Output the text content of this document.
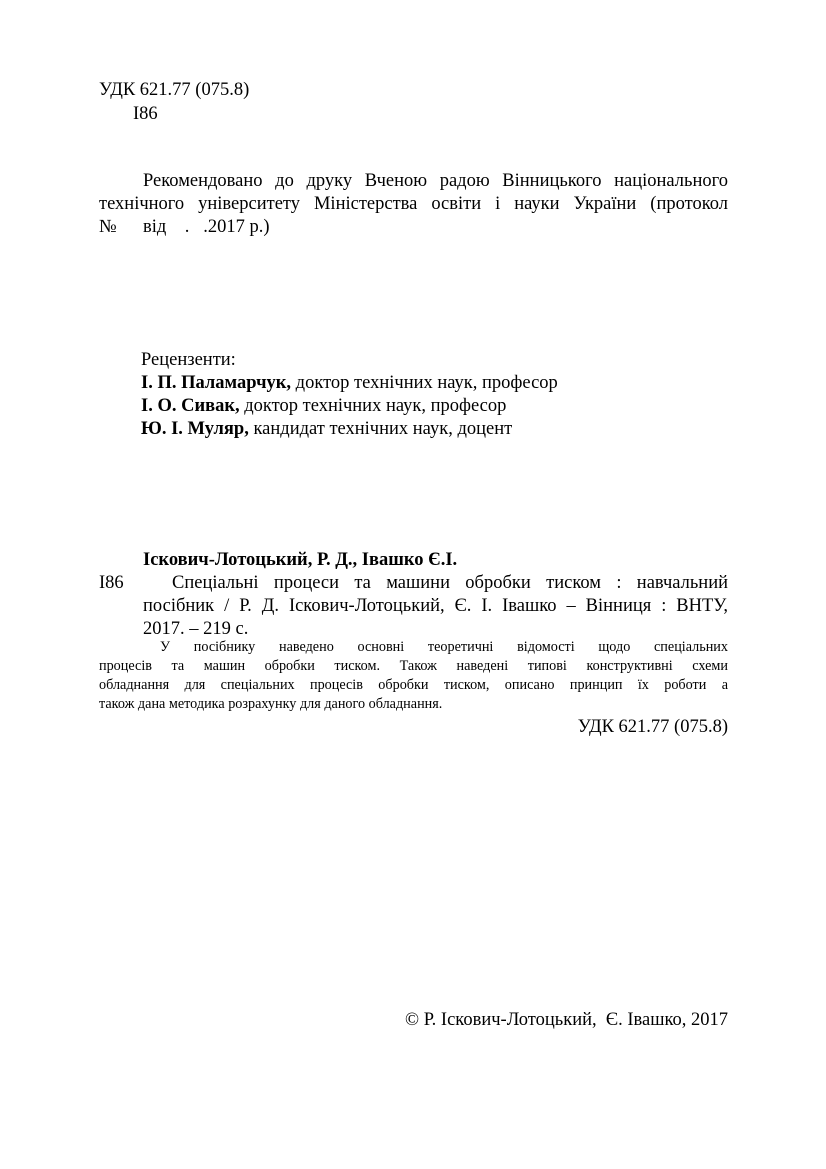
УДК 621.77 (075.8)
І86
Рекомендовано до друку Вченою радою Вінницького національного
технічного університету Міністерства освіти і науки України (протокол
№ від    .   .2017 р.)
Рецензенти:
І. П. Паламарчук, доктор технічних наук, професор
І. О. Сивак, доктор технічних наук, професор
Ю. І. Муляр, кандидат технічних наук, доцент
Іскович-Лотоцький, Р. Д., Івашко Є.І.
І86	Спеціальні процеси та машини обробки тиском : навчальний
посібник / Р. Д. Іскович-Лотоцький, Є. І. Івашко – Вінниця : ВНТУ,
2017. – 219 с.
У посібнику наведено основні теоретичні відомості щодо спеціальних
процесів та машин обробки тиском. Також наведені типові конструктивні схеми
обладнання для спеціальних процесів обробки тиском, описано принцип їх роботи а
також дана методика розрахунку для даного обладнання.
УДК 621.77 (075.8)
© Р. Іскович-Лотоцький,  Є. Івашко, 2017
